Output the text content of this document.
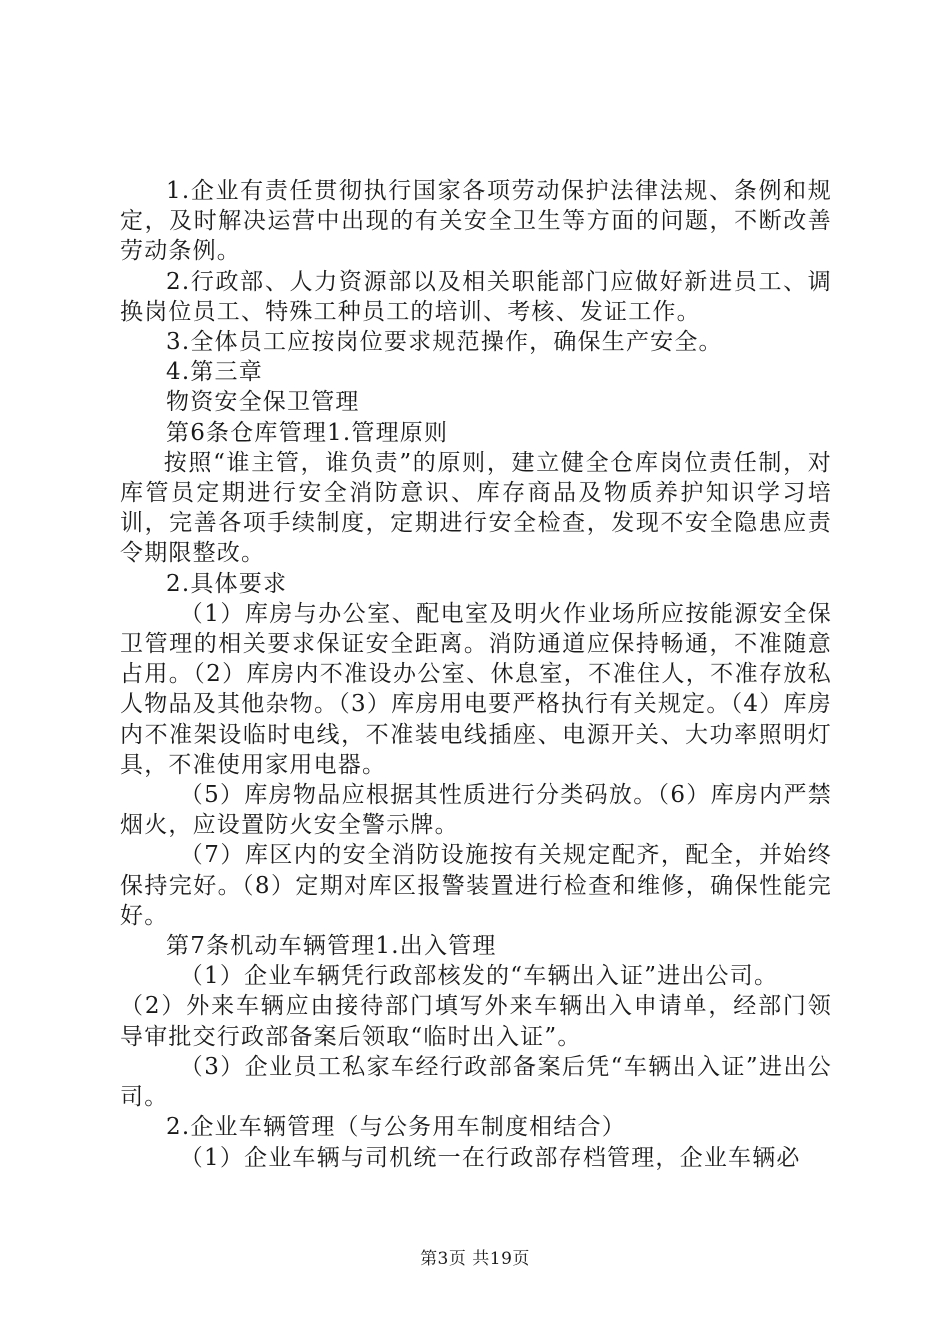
1.企业有责任贯彻执行国家各项劳动保护法律法规、条例和规定，及时解决运营中出现的有关安全卫生等方面的问题，不断改善劳动条例。

2.行政部、人力资源部以及相关职能部门应做好新进员工、调换岗位员工、特殊工种员工的培训、考核、发证工作。

3.全体员工应按岗位要求规范操作，确保生产安全。

4.第三章

物资安全保卫管理

第6条仓库管理1.管理原则

按照“谁主管，谁负责”的原则，建立健全仓库岗位责任制，对库管员定期进行安全消防意识、库存商品及物质养护知识学习培训，完善各项手续制度，定期进行安全检查，发现不安全隐患应责令期限整改。

2.具体要求

（1）库房与办公室、配电室及明火作业场所应按能源安全保卫管理的相关要求保证安全距离。消防通道应保持畅通，不准随意占用。（2）库房内不准设办公室、休息室，不准住人，不准存放私人物品及其他杂物。（3）库房用电要严格执行有关规定。（4）库房内不准架设临时电线，不准装电线插座、电源开关、大功率照明灯具，不准使用家用电器。

（5）库房物品应根据其性质进行分类码放。（6）库房内严禁烟火，应设置防火安全警示牌。

（7）库区内的安全消防设施按有关规定配齐，配全，并始终保持完好。（8）定期对库区报警装置进行检查和维修，确保性能完好。

第7条机动车辆管理1.出入管理

（1）企业车辆凭行政部核发的“车辆出入证”进出公司。

（2）外来车辆应由接待部门填写外来车辆出入申请单，经部门领导审批交行政部备案后领取“临时出入证”。

（3）企业员工私家车经行政部备案后凭“车辆出入证”进出公司。

2.企业车辆管理（与公务用车制度相结合）

（1）企业车辆与司机统一在行政部存档管理，企业车辆必

第3页 共19页
